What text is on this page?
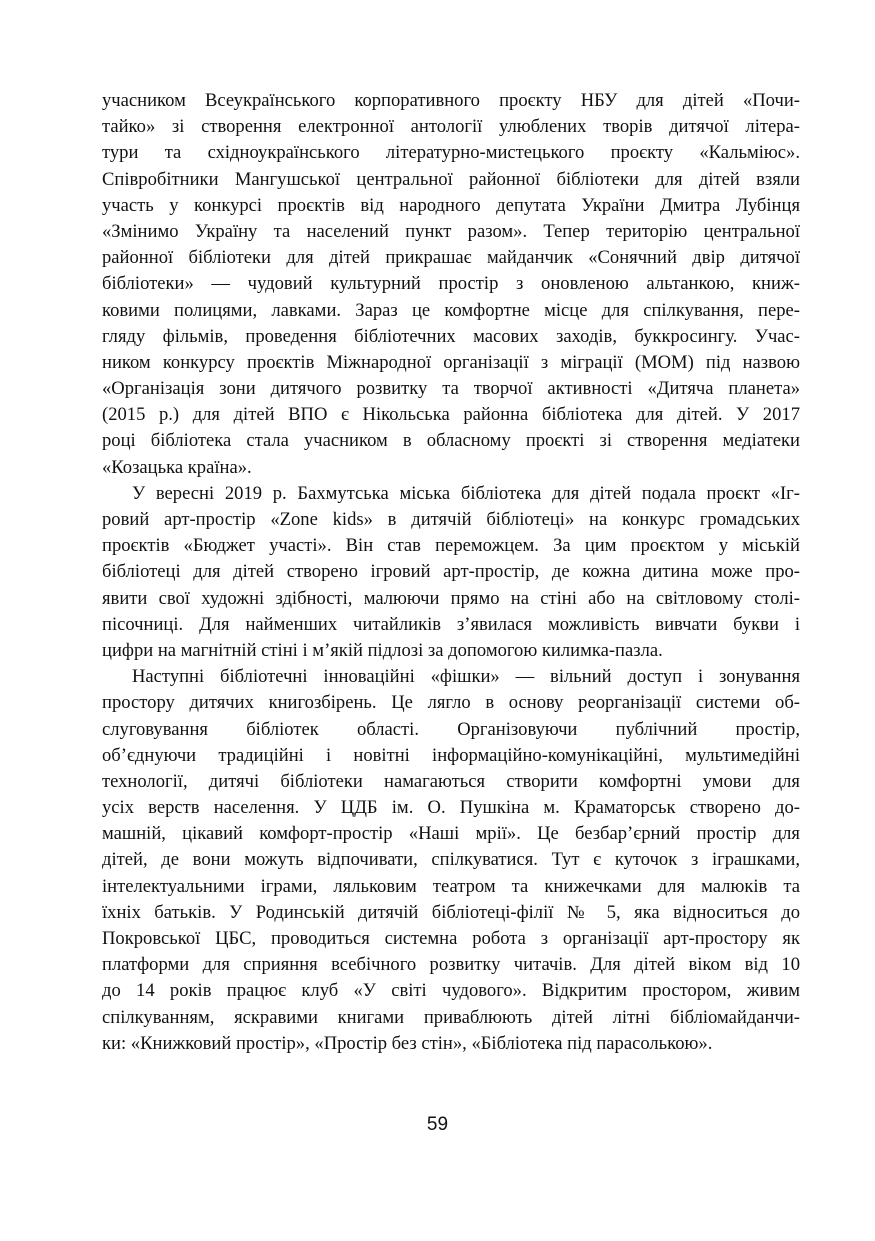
учасником Всеукраїнського корпоративного проєкту НБУ для дітей «Почи-
тайко» зі створення електронної антології улюблених творів дитячої літера-
тури та східноукраїнського літературно-мистецького проєкту «Кальміюс».
Співробітники Мангушської центральної районної бібліотеки для дітей взяли
участь у конкурсі проєктів від народного депутата України Дмитра Лубінця
«Змінимо Україну та населений пункт разом». Тепер територію центральної
районної бібліотеки для дітей прикрашає майданчик «Сонячний двір дитячої
бібліотеки» — чудовий культурний простір з оновленою альтанкою, книж-
ковими полицями, лавками. Зараз це комфортне місце для спілкування, пере-
гляду фільмів, проведення бібліотечних масових заходів, буккросингу. Учас-
ником конкурсу проєктів Міжнародної організації з міграції (МОМ) під назвою
«Організація зони дитячого розвитку та творчої активності «Дитяча планета»
(2015 р.) для дітей ВПО є Нікольська районна бібліотека для дітей. У 2017
році бібліотека стала учасником в обласному проєкті зі створення медіатеки
«Козацька країна».
У вересні 2019 р. Бахмутська міська бібліотека для дітей подала проєкт «Іг-
ровий арт-простір «Zone kids» в дитячій бібліотеці» на конкурс громадських
проєктів «Бюджет участі». Він став переможцем. За цим проєктом у міській
бібліотеці для дітей створено ігровий арт-простір, де кожна дитина може про-
явити свої художні здібності, малюючи прямо на стіні або на світловому столі-
пісочниці. Для найменших читайликів з’явилася можливість вивчати букви і
цифри на магнітній стіні і м’якій підлозі за допомогою килимка-пазла.
Наступні бібліотечні інноваційні «фішки» — вільний доступ і зонування
простору дитячих книгозбірень. Це лягло в основу реорганізації системи об-
слуговування бібліотек області. Організовуючи публічний простір,
об’єднуючи традиційні і новітні інформаційно-комунікаційні, мультимедійні
технології, дитячі бібліотеки намагаються створити комфортні умови для
усіх верств населення. У ЦДБ ім. О. Пушкіна м. Краматорськ створено до-
машній, цікавий комфорт-простір «Наші мрії». Це безбар’єрний простір для
дітей, де вони можуть відпочивати, спілкуватися. Тут є куточок з іграшками,
інтелектуальними іграми, ляльковим театром та книжечками для малюків та
їхніх батьків. У Родинській дитячій бібліотеці-філії № 5, яка відноситься до
Покровської ЦБС, проводиться системна робота з організації арт-простору як
платформи для сприяння всебічного розвитку читачів. Для дітей віком від 10
до 14 років працює клуб «У світі чудового». Відкритим простором, живим
спілкуванням, яскравими книгами приваблюють дітей літні бібліомайданчи-
ки: «Книжковий простір», «Простір без стін», «Бібліотека під парасолькою».
59
